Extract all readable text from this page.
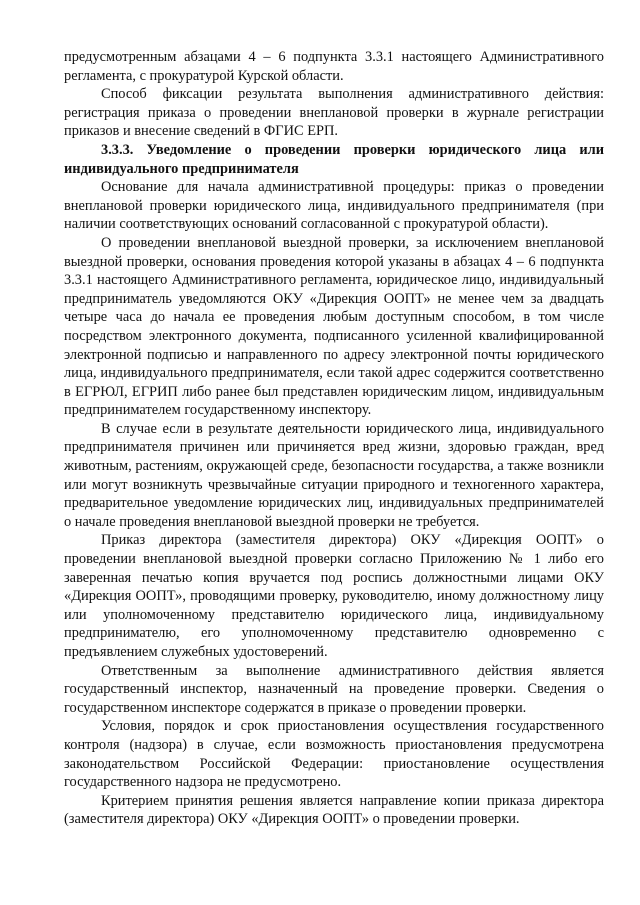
предусмотренным абзацами 4 – 6 подпункта 3.3.1 настоящего Административного регламента, с прокуратурой Курской области.

Способ фиксации результата выполнения административного действия: регистрация приказа о проведении внеплановой проверки в журнале регистрации приказов и внесение сведений в ФГИС ЕРП.

3.3.3. Уведомление о проведении проверки юридического лица или индивидуального предпринимателя

Основание для начала административной процедуры: приказ о проведении внеплановой проверки юридического лица, индивидуального предпринимателя (при наличии соответствующих оснований согласованной с прокуратурой области).

О проведении внеплановой выездной проверки, за исключением внеплановой выездной проверки, основания проведения которой указаны в абзацах 4 – 6 подпункта 3.3.1 настоящего Административного регламента, юридическое лицо, индивидуальный предприниматель уведомляются ОКУ «Дирекция ООПТ» не менее чем за двадцать четыре часа до начала ее проведения любым доступным способом, в том числе посредством электронного документа, подписанного усиленной квалифицированной электронной подписью и направленного по адресу электронной почты юридического лица, индивидуального предпринимателя, если такой адрес содержится соответственно в ЕГРЮЛ, ЕГРИП либо ранее был представлен юридическим лицом, индивидуальным предпринимателем государственному инспектору.

В случае если в результате деятельности юридического лица, индивидуального предпринимателя причинен или причиняется вред жизни, здоровью граждан, вред животным, растениям, окружающей среде, безопасности государства, а также возникли или могут возникнуть чрезвычайные ситуации природного и техногенного характера, предварительное уведомление юридических лиц, индивидуальных предпринимателей о начале проведения внеплановой выездной проверки не требуется.

Приказ директора (заместителя директора) ОКУ «Дирекция ООПТ» о проведении внеплановой выездной проверки согласно Приложению № 1 либо его заверенная печатью копия вручается под роспись должностными лицами ОКУ «Дирекция ООПТ», проводящими проверку, руководителю, иному должностному лицу или уполномоченному представителю юридического лица, индивидуальному предпринимателю, его уполномоченному представителю одновременно с предъявлением служебных удостоверений.

Ответственным за выполнение административного действия является государственный инспектор, назначенный на проведение проверки. Сведения о государственном инспекторе содержатся в приказе о проведении проверки.

Условия, порядок и срок приостановления осуществления государственного контроля (надзора) в случае, если возможность приостановления предусмотрена законодательством Российской Федерации: приостановление осуществления государственного надзора не предусмотрено.

Критерием принятия решения является направление копии приказа директора (заместителя директора) ОКУ «Дирекция ООПТ» о проведении проверки.
